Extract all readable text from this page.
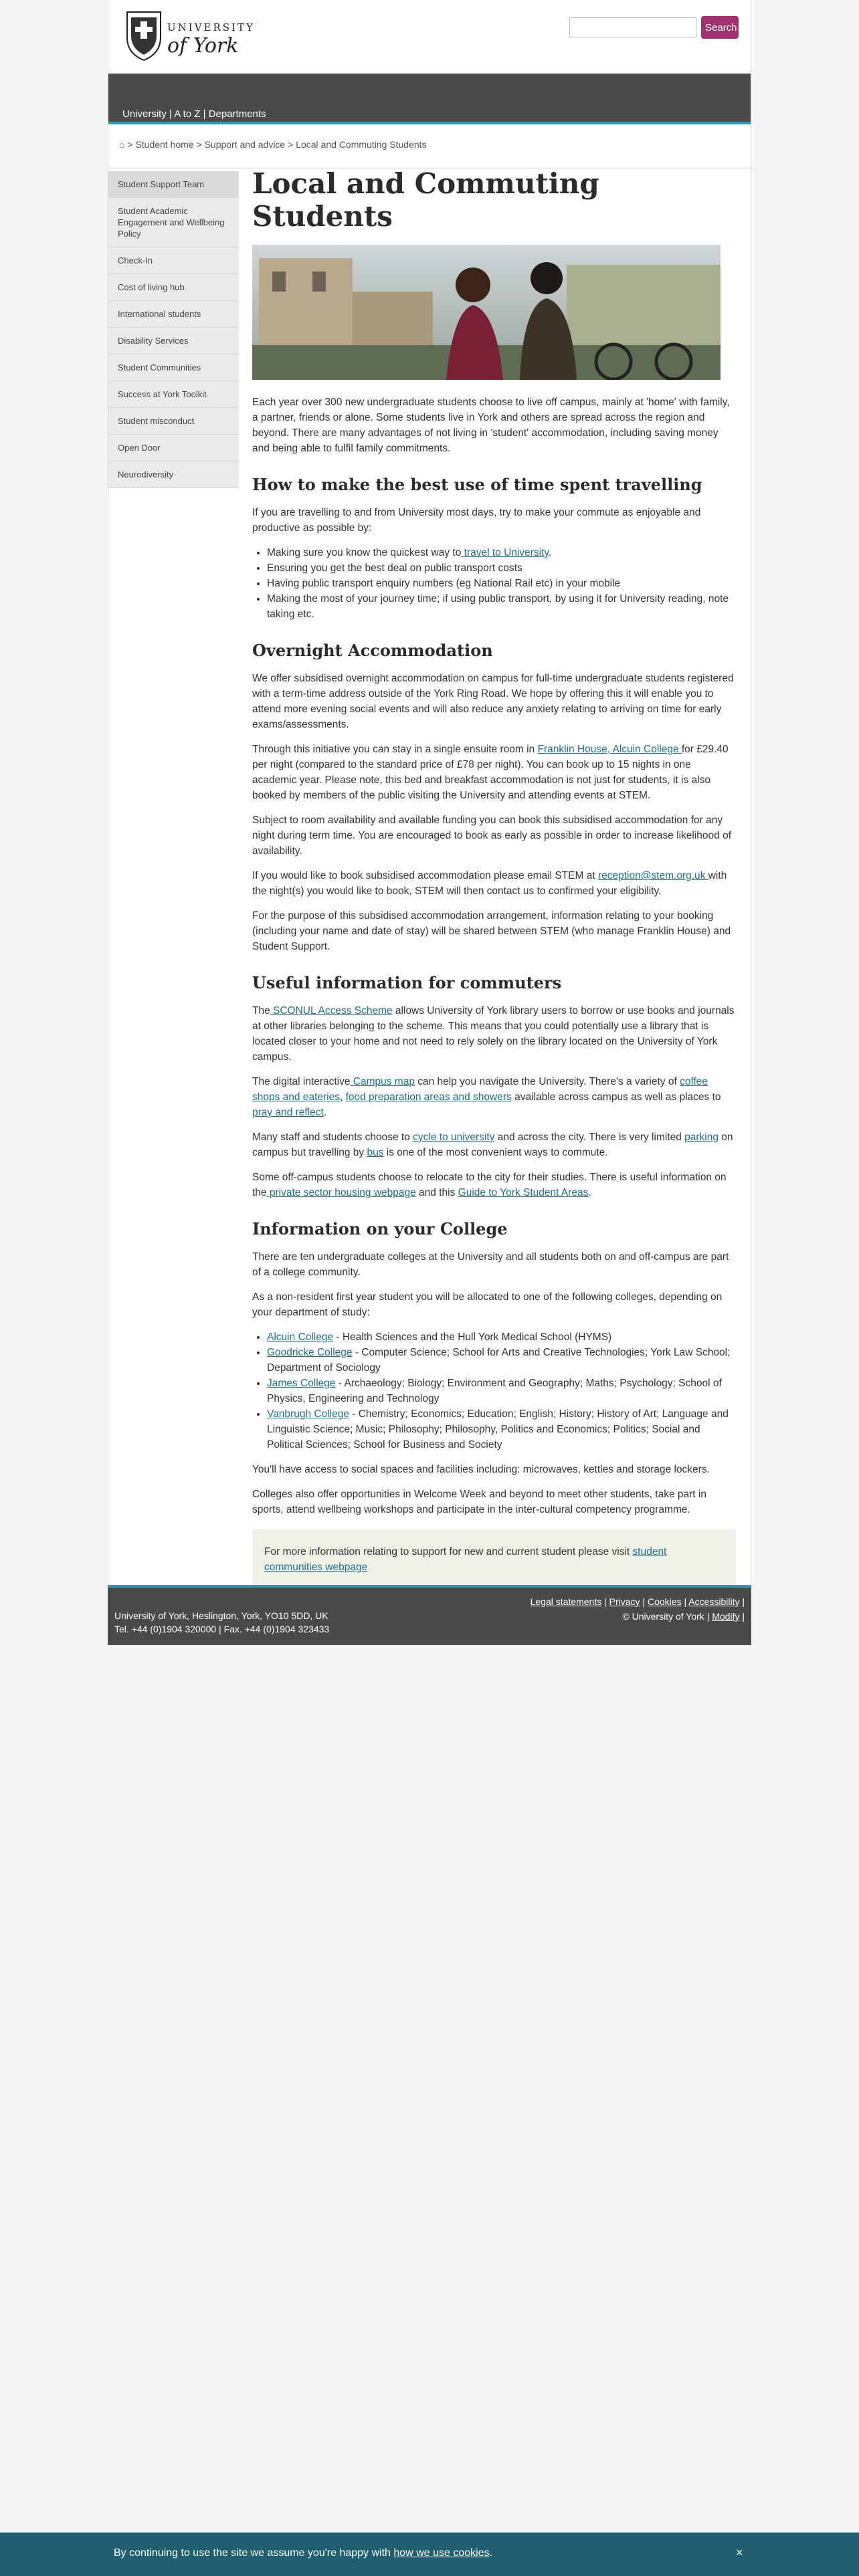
UNIVERSITY
of York
Search
University | A to Z | Departments
⌂ > Student home > Support and advice > Local and Commuting Students
Student Support Team
Student Academic Engagement and Wellbeing Policy
Check-In
Cost of living hub
International students
Disability Services
Student Communities
Success at York Toolkit
Student misconduct
Open Door
Neurodiversity
Local and Commuting Students

Each year over 300 new undergraduate students choose to live off campus, mainly at 'home' with family, a partner, friends or alone. Some students live in York and others are spread across the region and beyond. There are many advantages of not living in 'student' accommodation, including saving money and being able to fulfil family commitments.

How to make the best use of time spent travelling

If you are travelling to and from University most days, try to make your commute as enjoyable and productive as possible by:

• Making sure you know the quickest way to travel to University.
• Ensuring you get the best deal on public transport costs
• Having public transport enquiry numbers (eg National Rail etc) in your mobile
• Making the most of your journey time; if using public transport, by using it for University reading, note taking etc.
Overnight Accommodation

We offer subsidised overnight accommodation on campus for full-time undergraduate students registered with a term-time address outside of the York Ring Road. We hope by offering this it will enable you to attend more evening social events and will also reduce any anxiety relating to arriving on time for early exams/assessments.

Through this initiative you can stay in a single ensuite room in Franklin House, Alcuin College for £29.40 per night (compared to the standard price of £78 per night). You can book up to 15 nights in one academic year. Please note, this bed and breakfast accommodation is not just for students, it is also booked by members of the public visiting the University and attending events at STEM.

Subject to room availability and available funding you can book this subsidised accommodation for any night during term time. You are encouraged to book as early as possible in order to increase likelihood of availability.

If you would like to book subsidised accommodation please email STEM at reception@stem.org.uk with the night(s) you would like to book, STEM will then contact us to confirmed your eligibility.

For the purpose of this subsidised accommodation arrangement, information relating to your booking (including your name and date of stay) will be shared between STEM (who manage Franklin House) and Student Support.

Useful information for commuters

The SCONUL Access Scheme allows University of York library users to borrow or use books and journals at other libraries belonging to the scheme. This means that you could potentially use a library that is located closer to your home and not need to rely solely on the library located on the University of York campus.

The digital interactive Campus map can help you navigate the University. There's a variety of coffee shops and eateries, food preparation areas and showers available across campus as well as places to pray and reflect.

Many staff and students choose to cycle to university and across the city. There is very limited parking on campus but travelling by bus is one of the most convenient ways to commute.

Some off-campus students choose to relocate to the city for their studies. There is useful information on the private sector housing webpage and this Guide to York Student Areas.

Information on your College

There are ten undergraduate colleges at the University and all students both on and off-campus are part of a college community.

As a non-resident first year student you will be allocated to one of the following colleges, depending on your department of study:

• Alcuin College - Health Sciences and the Hull York Medical School (HYMS)
• Goodricke College - Computer Science; School for Arts and Creative Technologies; York Law School; Department of Sociology
• James College - Archaeology; Biology; Environment and Geography; Maths; Psychology; School of Physics, Engineering and Technology
• Vanbrugh College - Chemistry; Economics; Education; English; History; History of Art; Language and Linguistic Science; Music; Philosophy; Philosophy, Politics and Economics; Politics; Social and Political Sciences; School for Business and Society

You'll have access to social spaces and facilities including: microwaves, kettles and storage lockers.

Colleges also offer opportunities in Welcome Week and beyond to meet other students, take part in sports, attend wellbeing workshops and participate in the inter-cultural competency programme.

For more information relating to support for new and current student please visit student communities webpage
Legal statements | Privacy | Cookies | Accessibility |
© University of York | Modify |
University of York, Heslington, York, YO10 5DD, UK
Tel. +44 (0)1904 320000 | Fax. +44 (0)1904 323433
By continuing to use the site we assume you're happy with how we use cookies.	×
